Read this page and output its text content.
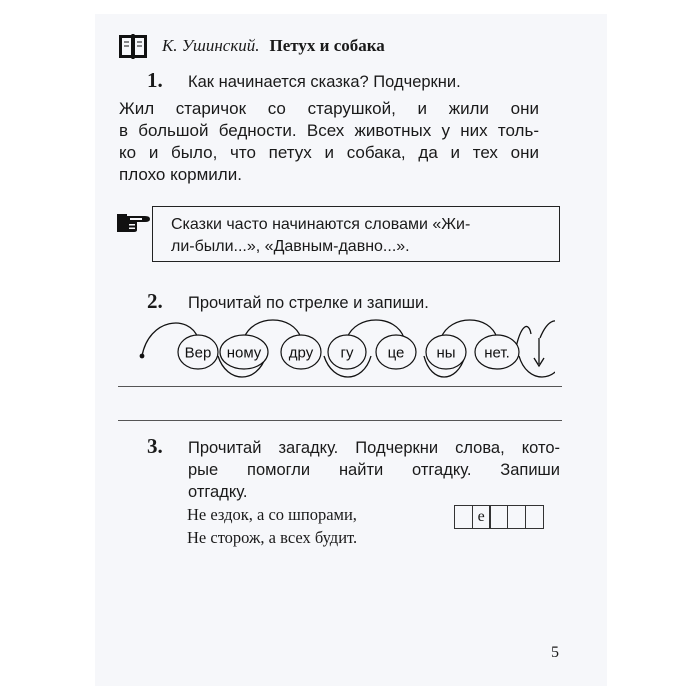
К. Ушинский. Петух и собака
1. Как начинается сказка? Подчеркни.
Жил старичок со старушкой, и жили они
в большой бедности. Всех животных у них толь-
ко и было, что петух и собака, да и тех они
плохо кормили.
Сказки часто начинаются словами «Жи-
ли-были...», «Давным-давно...».
2. Прочитай по стрелке и запиши.
Вер ному дру гу це ны нет.
3. Прочитай загадку. Подчеркни слова, кото-
рые помогли найти отгадку. Запиши
отгадку.
Не ездок, а со шпорами,
Не сторож, а всех будит.
е
5
